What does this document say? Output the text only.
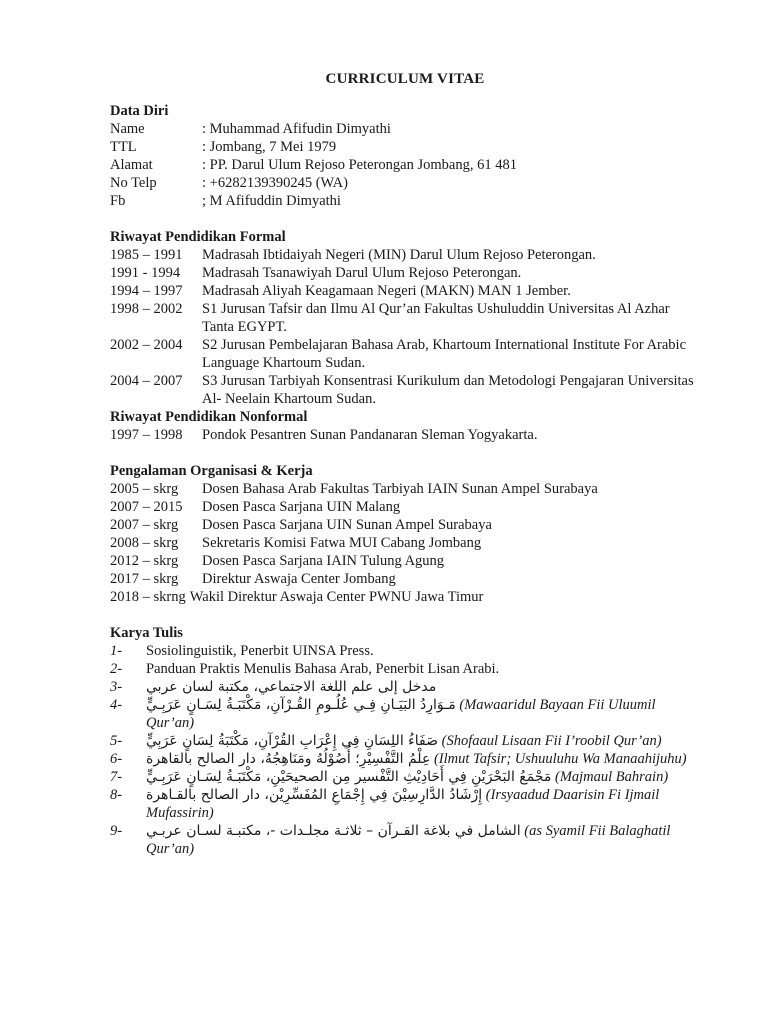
CURRICULUM VITAE
Data Diri
Name	: Muhammad Afifudin Dimyathi
TTL	: Jombang, 7 Mei 1979
Alamat	: PP. Darul Ulum Rejoso Peterongan Jombang, 61 481
No Telp	: +6282139390245 (WA)
Fb	; M Afifuddin Dimyathi
Riwayat Pendidikan Formal
1985 – 1991	Madrasah Ibtidaiyah Negeri (MIN) Darul Ulum Rejoso Peterongan.
1991 - 1994	Madrasah Tsanawiyah Darul Ulum Rejoso Peterongan.
1994 – 1997	Madrasah Aliyah Keagamaan Negeri (MAKN) MAN 1 Jember.
1998 – 2002	S1 Jurusan Tafsir dan Ilmu Al Qur’an Fakultas Ushuluddin Universitas Al Azhar Tanta EGYPT.
2002 – 2004	S2 Jurusan Pembelajaran Bahasa Arab, Khartoum International Institute For Arabic Language Khartoum Sudan.
2004 – 2007	S3 Jurusan Tarbiyah Konsentrasi Kurikulum dan Metodologi Pengajaran Universitas Al- Neelain Khartoum Sudan.
Riwayat Pendidikan Nonformal
1997 – 1998	Pondok Pesantren Sunan Pandanaran Sleman Yogyakarta.
Pengalaman Organisasi & Kerja
2005 – skrg	Dosen Bahasa Arab Fakultas Tarbiyah IAIN Sunan Ampel Surabaya
2007 – 2015	Dosen Pasca Sarjana UIN Malang
2007 – skrg	Dosen Pasca Sarjana UIN Sunan Ampel Surabaya
2008 – skrg	Sekretaris Komisi Fatwa MUI Cabang Jombang
2012 – skrg	Dosen Pasca Sarjana IAIN Tulung Agung
2017 – skrg	Direktur Aswaja Center Jombang
2018 – skrng Wakil Direktur Aswaja Center PWNU Jawa Timur
Karya Tulis
1-	Sosiolinguistik, Penerbit UINSA Press.
2-	Panduan Praktis Menulis Bahasa Arab, Penerbit Lisan Arabi.
3-	مدخل إلى علم اللغة الاجتماعي، مكتبة لسان عربي
4-	مَـوَارِدُ البَيَـانِ فِـي عُلُـومِ القُـرْآنِ، مَكْتَبَـةُ لِسَـانٍ عَرَبِـيٍّ (Mawaaridul Bayaan Fii Uluumil Qur’an)
5-	صَفَاءُ اللِسَانِ فِي إِعْرَابِ القُرْآنِ، مَكْتَبَةُ لِسَانٍ عَرَبِيٍّ (Shofaaul Lisaan Fii I’roobil Qur’an)
6-	عِلْمُ التَّفْسِيْرِ؛ أُصُوْلُهُ ومَنَاهِجُهُ، دار الصالح بالقاهرة (Ilmut Tafsir; Ushuuluhu Wa Manaahijuhu)
7-	مَجْمَعُ البَحْرَيْنِ فِي أَحَادِيْثِ التَّفْسير مِن الصحيحَيْنِ، مَكْتَبَـةُ لِسَـانٍ عَرَبِـيٍّ (Majmaul Bahrain)
8-	إِرْشَادُ الدَّارِسِيْنَ فِي إِجْمَاعِ المُفَسِّرِيْن، دار الصالح بالقـاهرة (Irsyaadud Daarisin Fi Ijmail Mufassirin)
9-	الشامل في بلاغة القـرآن – ثلاثـة مجلـدات -، مكتبـة لسـان عربـي (as Syamil Fii Balaghatil Qur’an)
